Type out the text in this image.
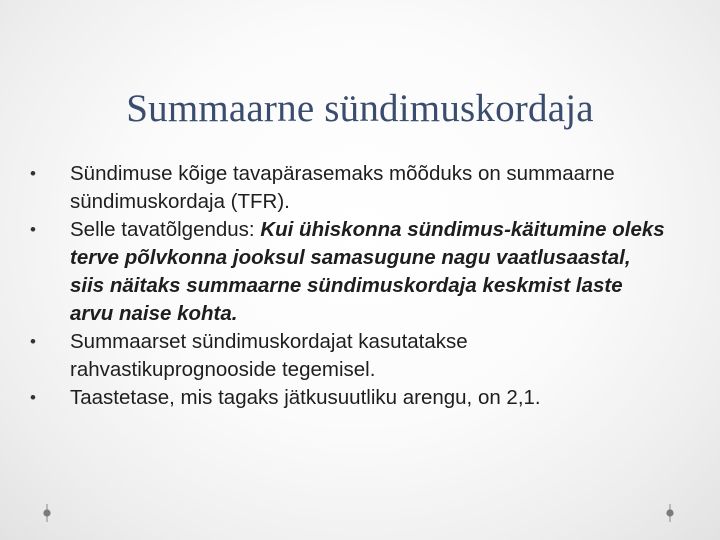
Summaarne sündimuskordaja
• Sündimuse kõige tavapärasemaks mõõduks on summaarne sündimuskordaja (TFR).
• Selle tavatõlgendus: Kui ühiskonna sündimus-käitumine oleks terve põlvkonna jooksul samasugune nagu vaatlusaastal, siis näitaks summaarne sündimuskordaja keskmist laste arvu naise kohta.
• Summaarset sündimuskordajat kasutatakse rahvastikuprognooside tegemisel.
• Taastetase, mis tagaks jätkusuutliku arengu, on 2,1.
